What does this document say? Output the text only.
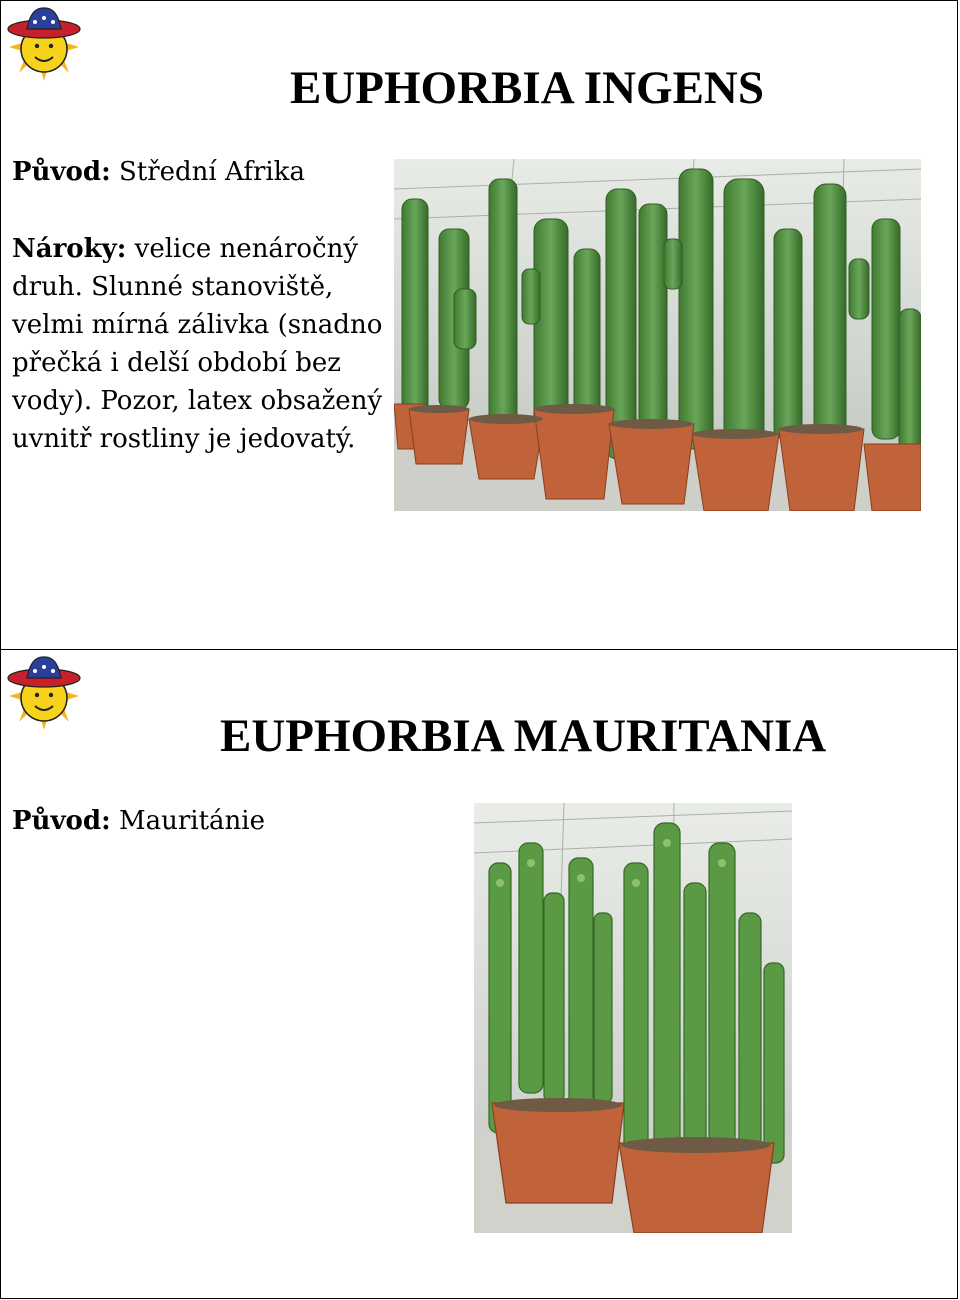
EUPHORBIA INGENS

Původ: Střední Afrika

Nároky: velice nenáročný druh. Slunné stanoviště, velmi mírná zálivka (snadno přečká i delší období bez vody). Pozor, latex obsažený uvnitř rostliny je jedovatý.

EUPHORBIA MAURITANIA

Původ: Mauritánie
